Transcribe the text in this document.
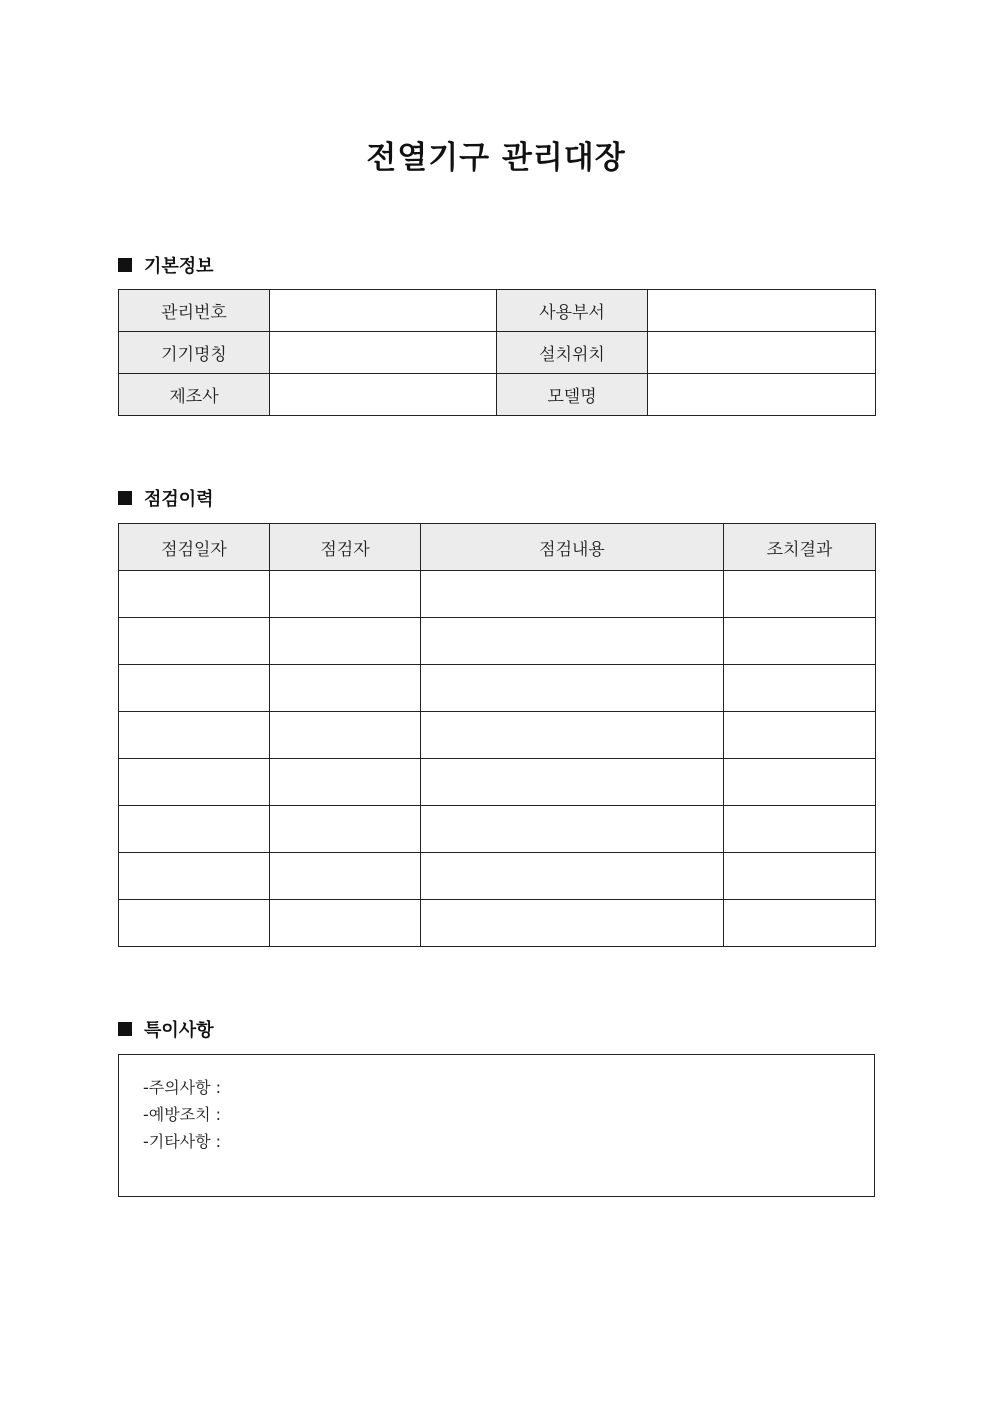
전열기구 관리대장
기본정보
관리번호		사용부서	
기기명칭		설치위치	
제조사		모델명	
점검이력
점검일자	점검자	점검내용	조치결과

특이사항
-주의사항 :
-예방조치 :
-기타사항 :
